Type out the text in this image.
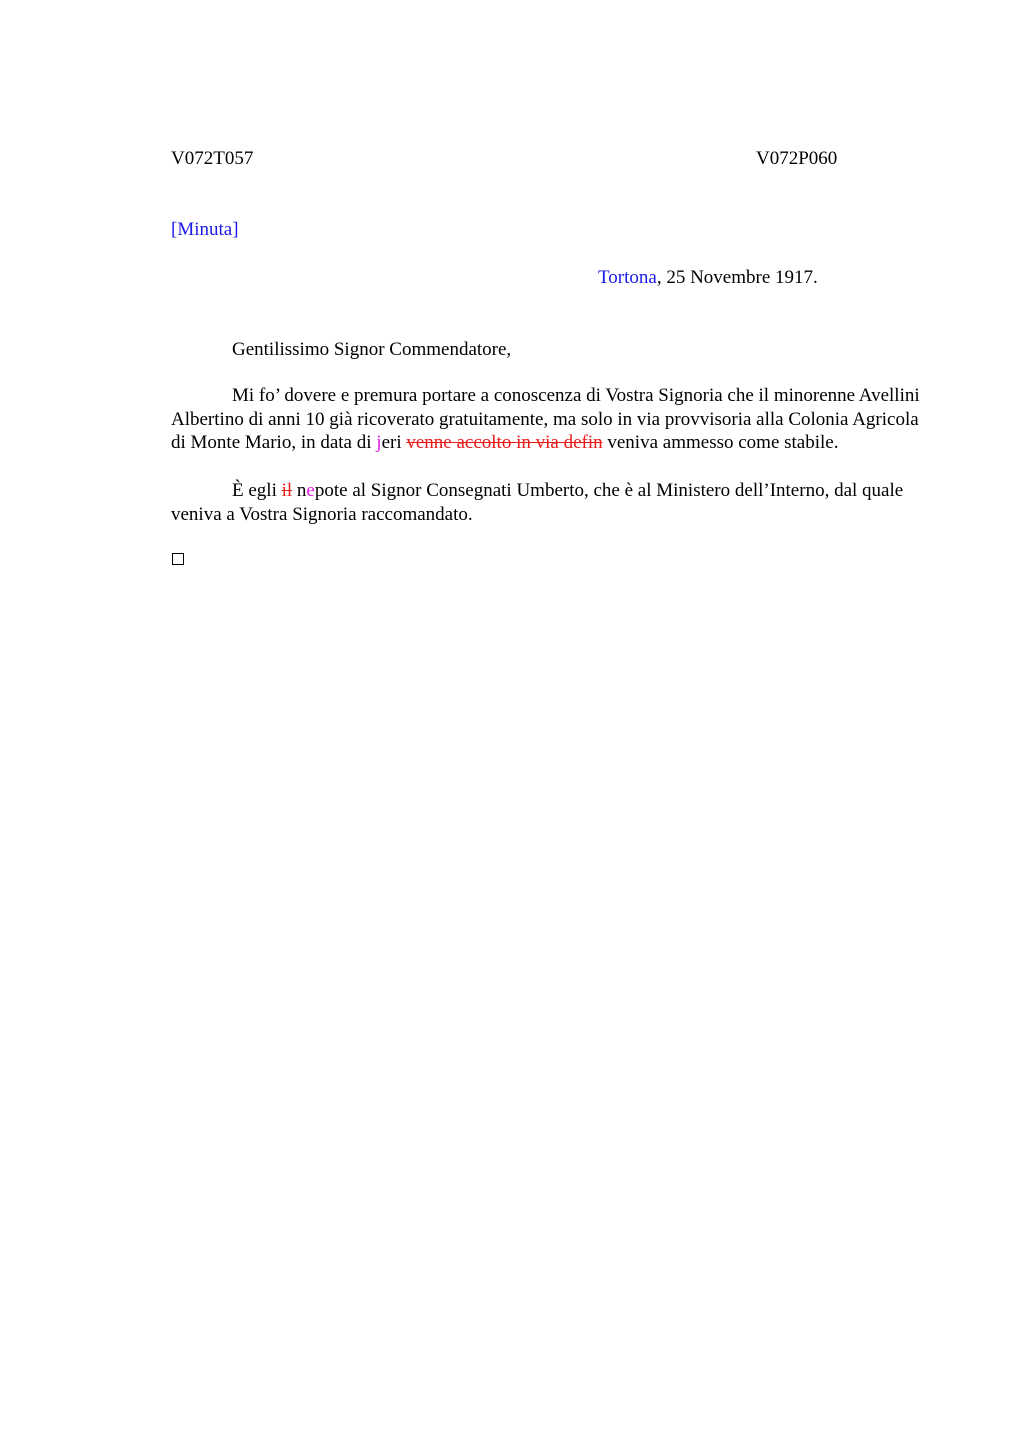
V072T057	V072P060
[Minuta]
Tortona, 25 Novembre 1917.
Gentilissimo Signor Commendatore,
Mi fo’ dovere e premura portare a conoscenza di Vostra Signoria che il minorenne Avellini Albertino di anni 10 già ricoverato gratuitamente, ma solo in via provvisoria alla Colonia Agricola di Monte Mario, in data di jeri venne accolto in via defin veniva ammesso come stabile.
È egli il nepote al Signor Consegnati Umberto, che è al Ministero dell’Interno, dal quale veniva a Vostra Signoria raccomandato.
